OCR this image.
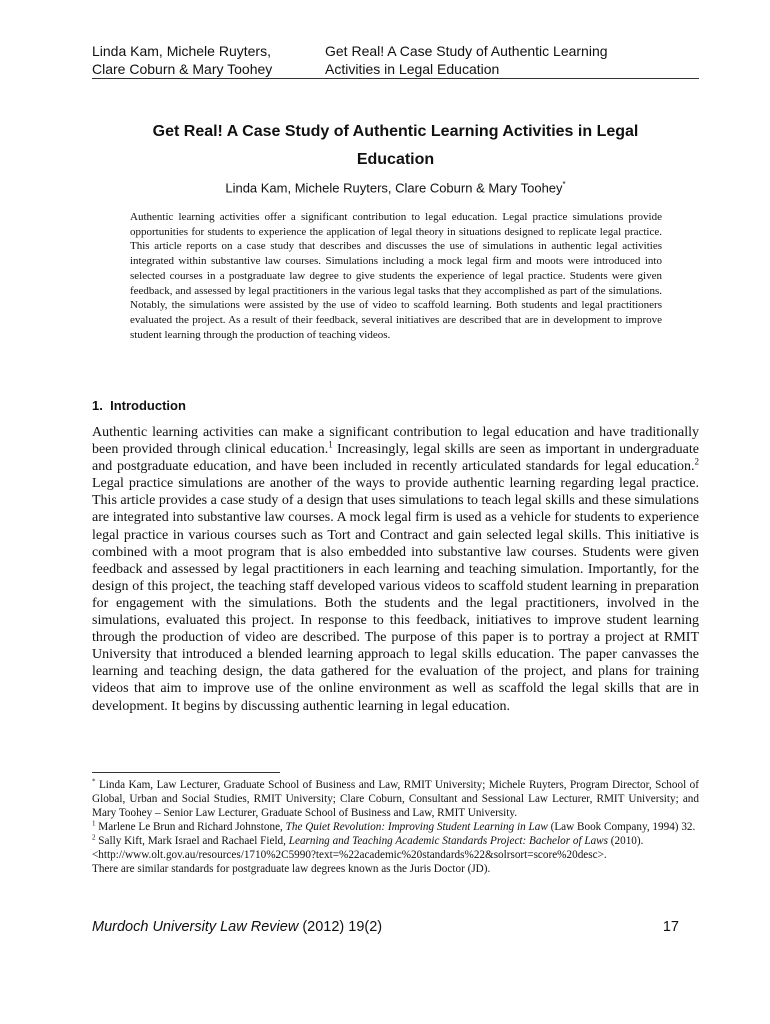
Linda Kam, Michele Ruyters,
Clare Coburn & Mary Toohey
Get Real! A Case Study of Authentic Learning
Activities in Legal Education
Get Real! A Case Study of Authentic Learning Activities in Legal
Education
Linda Kam, Michele Ruyters, Clare Coburn & Mary Toohey*
Authentic learning activities offer a significant contribution to legal education. Legal practice simulations provide opportunities for students to experience the application of legal theory in situations designed to replicate legal practice. This article reports on a case study that describes and discusses the use of simulations in authentic legal activities integrated within substantive law courses. Simulations including a mock legal firm and moots were introduced into selected courses in a postgraduate law degree to give students the experience of legal practice. Students were given feedback, and assessed by legal practitioners in the various legal tasks that they accomplished as part of the simulations. Notably, the simulations were assisted by the use of video to scaffold learning. Both students and legal practitioners evaluated the project. As a result of their feedback, several initiatives are described that are in development to improve student learning through the production of teaching videos.
1. Introduction
Authentic learning activities can make a significant contribution to legal education and have traditionally been provided through clinical education.$^1$ Increasingly, legal skills are seen as important in undergraduate and postgraduate education, and have been included in recently articulated standards for legal education.$^2$ Legal practice simulations are another of the ways to provide authentic learning regarding legal practice. This article provides a case study of a design that uses simulations to teach legal skills and these simulations are integrated into substantive law courses. A mock legal firm is used as a vehicle for students to experience legal practice in various courses such as Tort and Contract and gain selected legal skills. This initiative is combined with a moot program that is also embedded into substantive law courses. Students were given feedback and assessed by legal practitioners in each learning and teaching simulation. Importantly, for the design of this project, the teaching staff developed various videos to scaffold student learning in preparation for engagement with the simulations. Both the students and the legal practitioners, involved in the simulations, evaluated this project. In response to this feedback, initiatives to improve student learning through the production of video are described. The purpose of this paper is to portray a project at RMIT University that introduced a blended learning approach to legal skills education. The paper canvasses the learning and teaching design, the data gathered for the evaluation of the project, and plans for training videos that aim to improve use of the online environment as well as scaffold the legal skills that are in development. It begins by discussing authentic learning in legal education.

* Linda Kam, Law Lecturer, Graduate School of Business and Law, RMIT University; Michele Ruyters, Program Director, School of Global, Urban and Social Studies, RMIT University; Clare Coburn, Consultant and Sessional Law Lecturer, RMIT University; and Mary Toohey – Senior Law Lecturer, Graduate School of Business and Law, RMIT University.

$^1$ Marlene Le Brun and Richard Johnstone, The Quiet Revolution: Improving Student Learning in Law (Law Book Company, 1994) 32.

$^2$ Sally Kift, Mark Israel and Rachael Field, Learning and Teaching Academic Standards Project: Bachelor of Laws (2010).

<http://www.olt.gov.au/resources/1710%2C5990?text=%22academic%20standards%22&solrsort=score%20desc>.

There are similar standards for postgraduate law degrees known as the Juris Doctor (JD).

Murdoch University Law Review (2012) 19(2)	17
